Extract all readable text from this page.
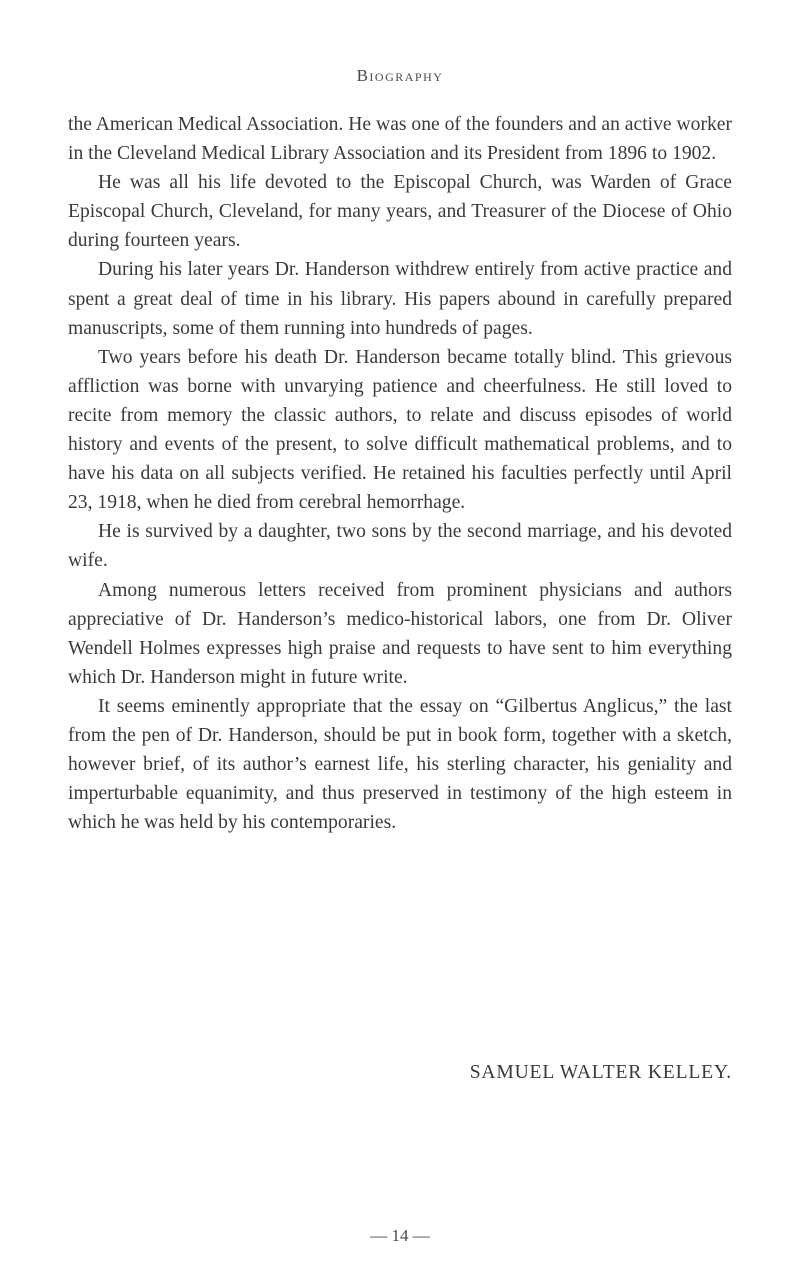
Biography

the American Medical Association. He was one of the founders and an active worker in the Cleveland Medical Library Association and its President from 1896 to 1902.

He was all his life devoted to the Episcopal Church, was Warden of Grace Episcopal Church, Cleveland, for many years, and Treasurer of the Diocese of Ohio during fourteen years.

During his later years Dr. Handerson withdrew entirely from active practice and spent a great deal of time in his library. His papers abound in carefully prepared manuscripts, some of them running into hundreds of pages.

Two years before his death Dr. Handerson became totally blind. This grievous affliction was borne with unvarying patience and cheerfulness. He still loved to recite from memory the classic authors, to relate and discuss episodes of world history and events of the present, to solve difficult mathematical problems, and to have his data on all subjects verified. He retained his faculties perfectly until April 23, 1918, when he died from cerebral hemorrhage.

He is survived by a daughter, two sons by the second marriage, and his devoted wife.

Among numerous letters received from prominent physicians and authors appreciative of Dr. Handerson’s medico-historical labors, one from Dr. Oliver Wendell Holmes expresses high praise and requests to have sent to him everything which Dr. Handerson might in future write.

It seems eminently appropriate that the essay on “Gilbertus Anglicus,” the last from the pen of Dr. Handerson, should be put in book form, together with a sketch, however brief, of its author’s earnest life, his sterling character, his geniality and imperturbable equanimity, and thus preserved in testimony of the high esteem in which he was held by his contemporaries.

SAMUEL WALTER KELLEY.
— 14 —
